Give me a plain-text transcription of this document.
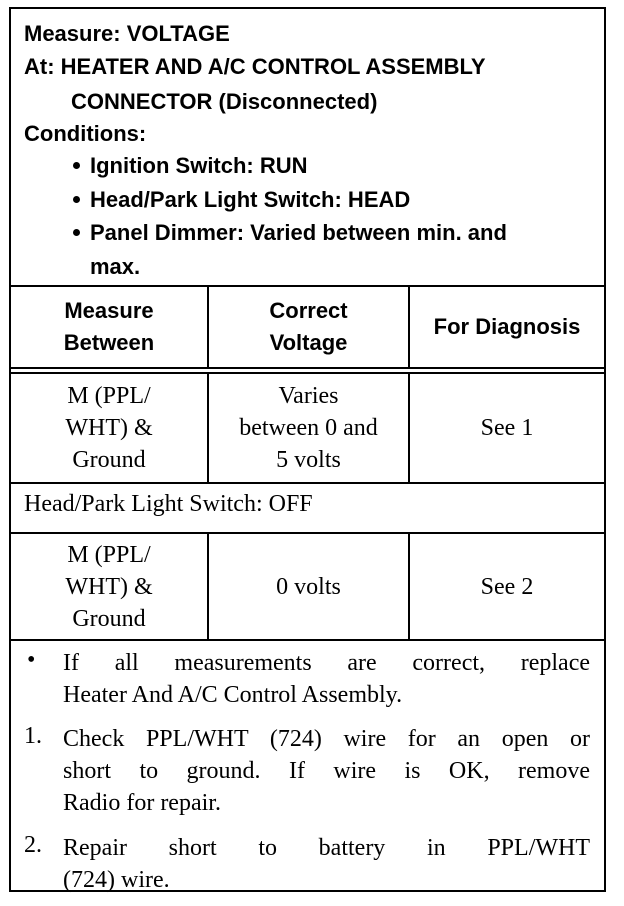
Measure: VOLTAGE
At: HEATER AND A/C CONTROL ASSEMBLY
CONNECTOR (Disconnected)
Conditions:
Ignition Switch: RUN
Head/Park Light Switch: HEAD
Panel Dimmer: Varied between min. and
max.
Measure
Between
Correct
Voltage
For Diagnosis
M (PPL/
WHT) &
Ground
Varies
between 0 and
5 volts
See 1
Head/Park Light Switch: OFF
M (PPL/
WHT) &
Ground
0 volts	See 2
• If all measurements are correct, replace
Heater And A/C Control Assembly.
1. Check PPL/WHT (724) wire for an open or
short to ground. If wire is OK, remove
Radio for repair.
2. Repair short to battery in PPL/WHT
(724) wire.
